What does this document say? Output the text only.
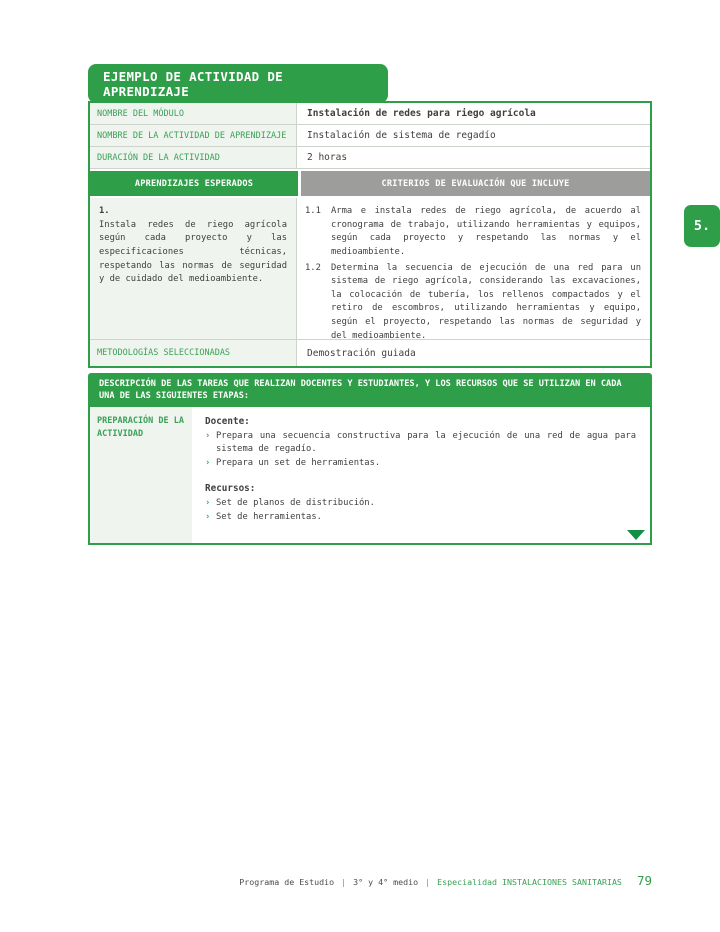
EJEMPLO DE ACTIVIDAD DE APRENDIZAJE
NOMBRE DEL MÓDULO	Instalación de redes para riego agrícola
NOMBRE DE LA ACTIVIDAD DE APRENDIZAJE	Instalación de sistema de regadío
DURACIÓN DE LA ACTIVIDAD	2 horas
APRENDIZAJES ESPERADOS	CRITERIOS DE EVALUACIÓN QUE INCLUYE
1.

Instala redes de riego agrícola según cada proyecto y las especificaciones técnicas, respetando las normas de seguridad y de cuidado del medioambiente.

1.1	Arma e instala redes de riego agrícola, de acuerdo al cronograma de trabajo, utilizando herramientas y equipos, según cada proyecto y respetando las normas y el medioambiente.
1.2	Determina la secuencia de ejecución de una red para un sistema de riego agrícola, considerando las excavaciones, la colocación de tubería, los rellenos compactados y el retiro de escombros, utilizando herramientas y equipo, según el proyecto, respetando las normas de seguridad y del medioambiente.
METODOLOGÍAS SELECCIONADAS	Demostración guiada
DESCRIPCIÓN DE LAS TAREAS QUE REALIZAN DOCENTES Y ESTUDIANTES, Y LOS RECURSOS QUE SE UTILIZAN EN CADA UNA DE LAS SIGUIENTES ETAPAS:
PREPARACIÓN DE LA ACTIVIDAD
Docente:
› Prepara una secuencia constructiva para la ejecución de una red de agua para sistema de regadío.
› Prepara un set de herramientas.
Recursos:
› Set de planos de distribución.
› Set de herramientas.
5.
Programa de Estudio | 3° y 4° medio | Especialidad INSTALACIONES SANITARIAS 79
